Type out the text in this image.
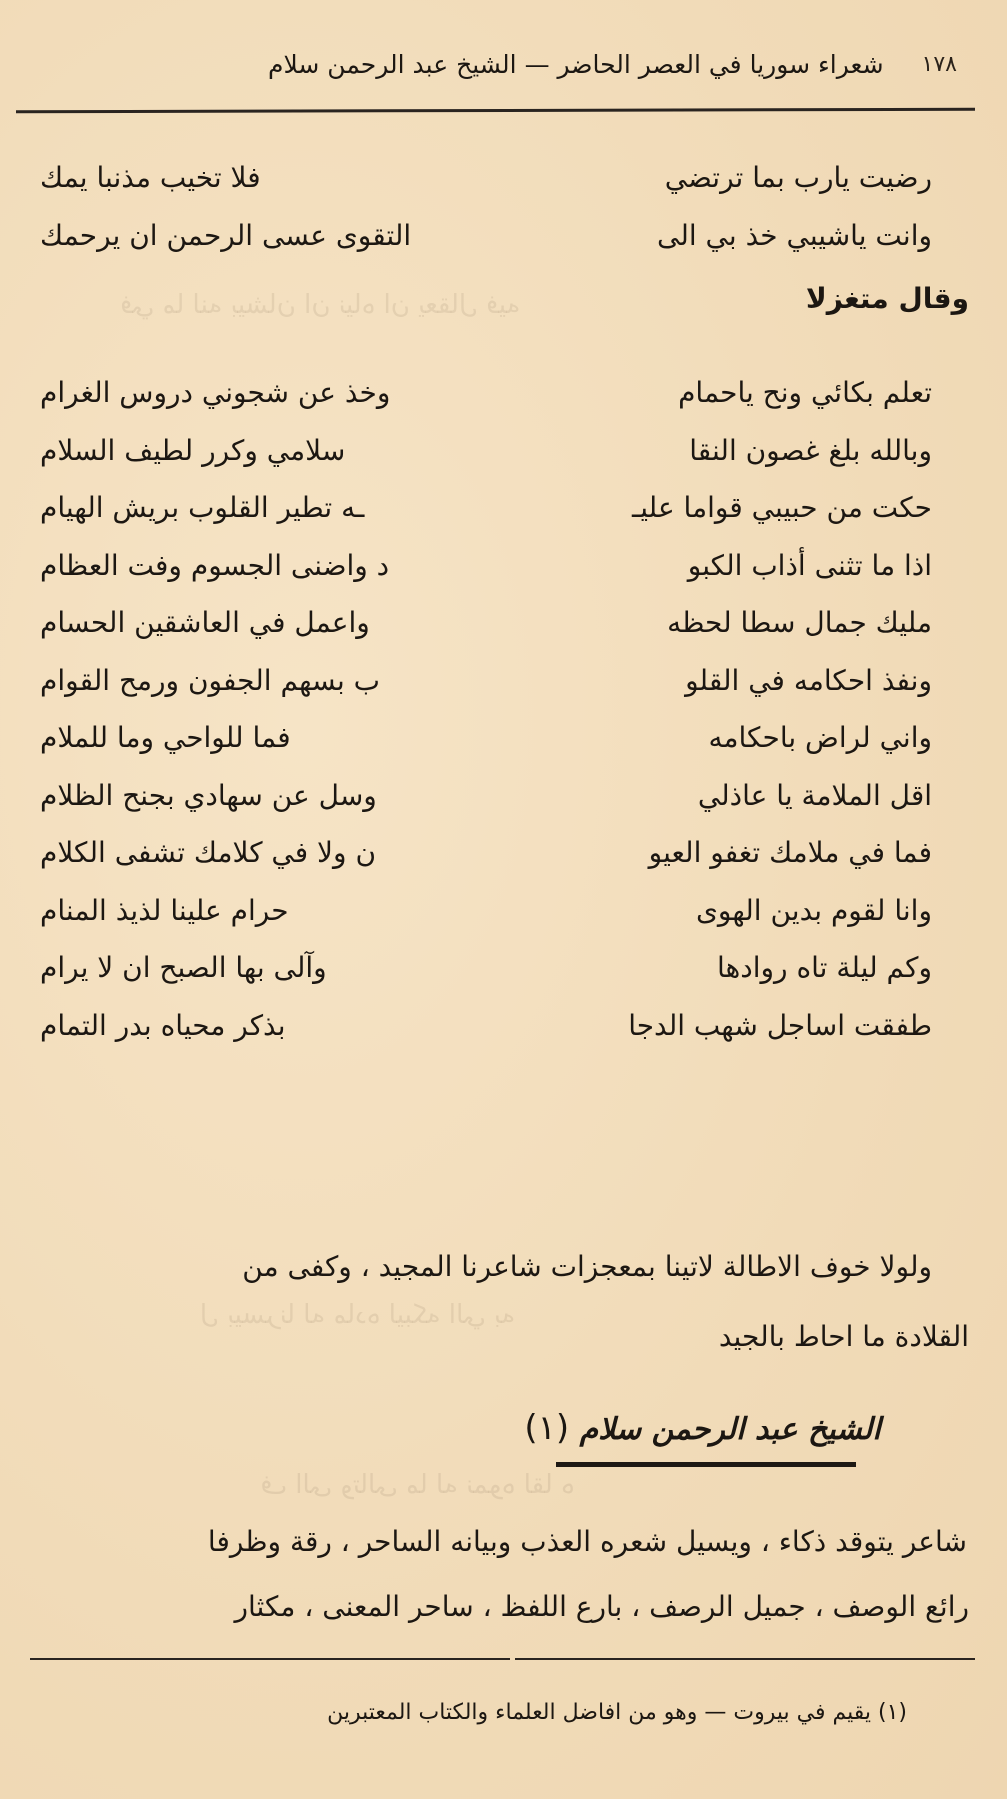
في ما لنه بيشان ان نياه ان يعقال فيه
ل بيسرنا له ماده ليبكه الي به
ف الى وتالى ما له نموه لقا ه
١٧٨
شعراء سوريا في العصر الحاضر — الشيخ عبد الرحمن سلام
رضيت يارب بما ترتضي
فلا تخيب مذنبا يمك
وانت ياشيبي خذ بي الى
التقوى عسى الرحمن ان يرحمك
وقال متغزلا
تعلم بكائي ونح ياحمام
وخذ عن شجوني دروس الغرام
وبالله بلغ غصون النقا
سلامي وكرر لطيف السلام
حكت من حبيبي قواما عليـ
ـه تطير القلوب بريش الهيام
اذا ما تثنى أذاب الكبو
د واضنى الجسوم وفت العظام
مليك جمال سطا لحظه
واعمل في العاشقين الحسام
ونفذ احكامه في القلو
ب بسهم الجفون ورمح القوام
واني لراض باحكامه
فما للواحي وما للملام
اقل الملامة يا عاذلي
وسل عن سهادي بجنح الظلام
فما في ملامك تغفو العيو
ن ولا في كلامك تشفى الكلام
وانا لقوم بدين الهوى
حرام علينا لذيذ المنام
وكم ليلة تاه روادها
وآلى بها الصبح ان لا يرام
طفقت اساجل شهب الدجا
بذكر محياه بدر التمام
ولولا خوف الاطالة لاتينا بمعجزات شاعرنا المجيد ، وكفى من
القلادة ما احاط بالجيد
الشيخ عبد الرحمن سلام (١)
شاعر يتوقد ذكاء ، ويسيل شعره العذب وبيانه الساحر ، رقة وظرفا
رائع الوصف ، جميل الرصف ، بارع اللفظ ، ساحر المعنى ، مكثار
(١) يقيم في بيروت — وهو من افاضل العلماء والكتاب المعتبرين
